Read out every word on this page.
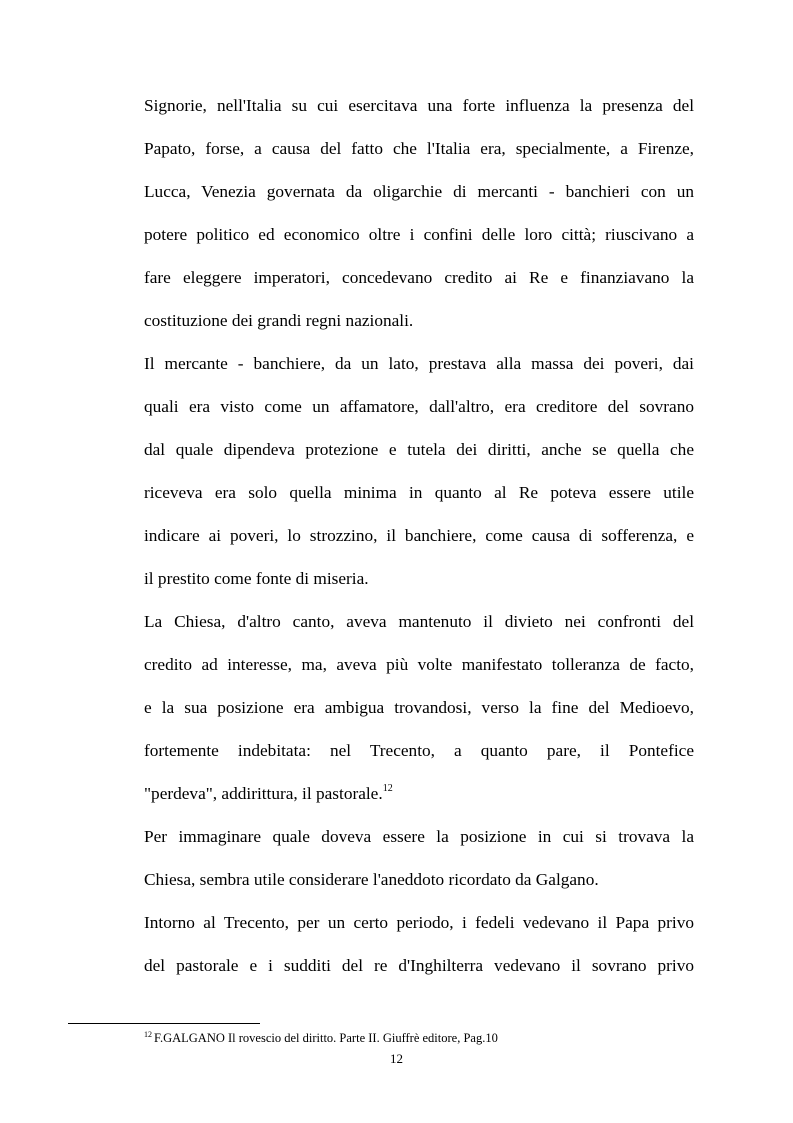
Signorie, nell'Italia su cui esercitava una forte influenza la presenza del
Papato, forse, a causa del fatto che l'Italia era, specialmente, a Firenze,
Lucca, Venezia governata da oligarchie di mercanti - banchieri con un
potere politico ed economico oltre i confini delle loro città; riuscivano a
fare eleggere imperatori, concedevano credito ai Re e finanziavano la
costituzione dei grandi regni nazionali.
Il mercante - banchiere, da un lato, prestava alla massa dei poveri, dai
quali era visto come un affamatore, dall'altro, era creditore del sovrano
dal quale dipendeva protezione e tutela dei diritti, anche se quella che
riceveva era solo quella minima in quanto al Re poteva essere utile
indicare ai poveri, lo strozzino, il banchiere, come causa di sofferenza, e
il prestito come fonte di miseria.
La Chiesa, d'altro canto, aveva mantenuto il divieto nei confronti del
credito ad interesse, ma, aveva più volte manifestato tolleranza de facto,
e la sua posizione era ambigua trovandosi, verso la fine del Medioevo,
fortemente indebitata: nel Trecento, a quanto pare, il Pontefice
"perdeva", addirittura, il pastorale.$^{12}$
Per immaginare quale doveva essere la posizione in cui si trovava la
Chiesa, sembra utile considerare l'aneddoto ricordato da Galgano.
Intorno al Trecento, per un certo periodo, i fedeli vedevano il Papa privo
del pastorale e i sudditi del re d'Inghilterra vedevano il sovrano privo
$^{12}$ F.GALGANO Il rovescio del diritto. Parte II. Giuffrè editore, Pag.10
12
